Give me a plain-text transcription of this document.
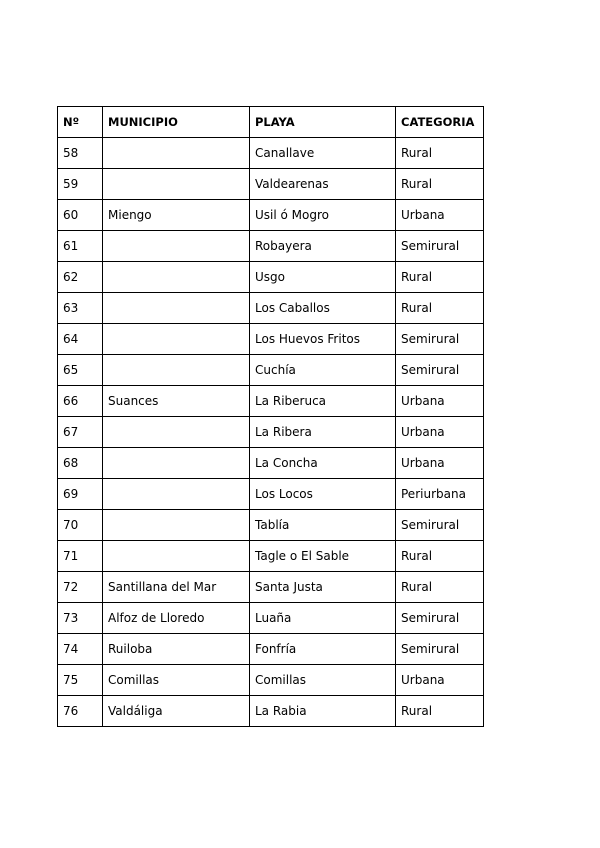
Nº	MUNICIPIO	PLAYA	CATEGORIA
58		Canallave	Rural
59		Valdearenas	Rural
60	Miengo	Usil ó Mogro	Urbana
61		Robayera	Semirural
62		Usgo	Rural
63		Los Caballos	Rural
64		Los Huevos Fritos	Semirural
65		Cuchía	Semirural
66	Suances	La Riberuca	Urbana
67		La Ribera	Urbana
68		La Concha	Urbana
69		Los Locos	Periurbana
70		Tablía	Semirural
71		Tagle o El Sable	Rural
72	Santillana del Mar	Santa Justa	Rural
73	Alfoz de Lloredo	Luaña	Semirural
74	Ruiloba	Fonfría	Semirural
75	Comillas	Comillas	Urbana
76	Valdáliga	La Rabia	Rural
